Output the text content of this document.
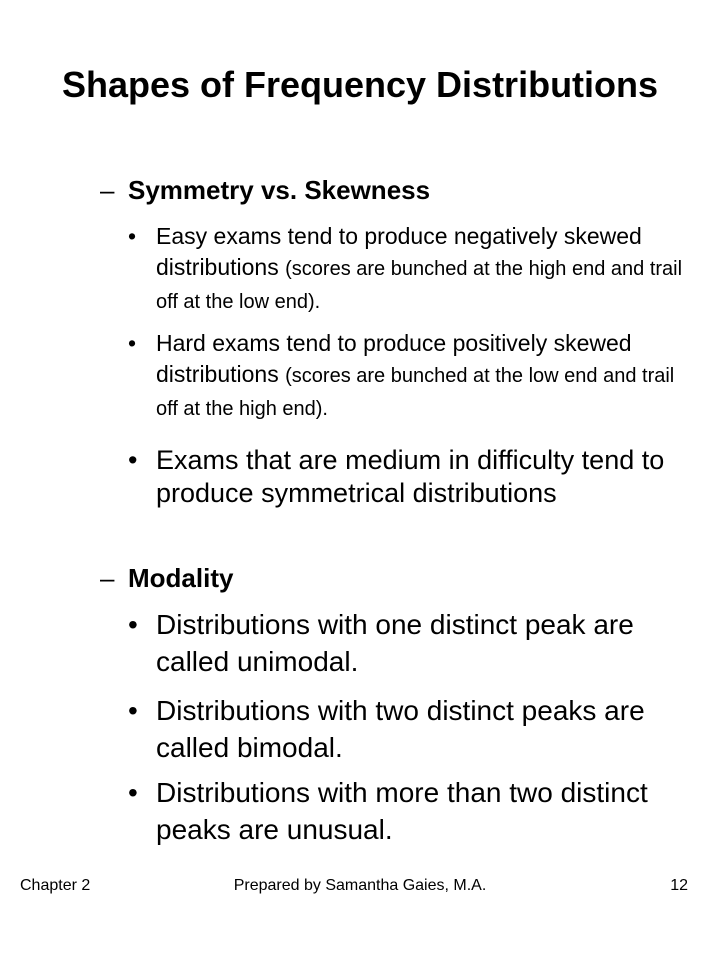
Shapes of Frequency Distributions
– Symmetry vs. Skewness
• Easy exams tend to produce negatively skewed distributions (scores are bunched at the high end and trail off at the low end).
• Hard exams tend to produce positively skewed distributions (scores are bunched at the low end and trail off at the high end).
• Exams that are medium in difficulty tend to produce symmetrical distributions
– Modality
• Distributions with one distinct peak are called unimodal.
• Distributions with two distinct peaks are called bimodal.
• Distributions with more than two distinct peaks are unusual.
Chapter 2	Prepared by Samantha Gaies, M.A.	12
